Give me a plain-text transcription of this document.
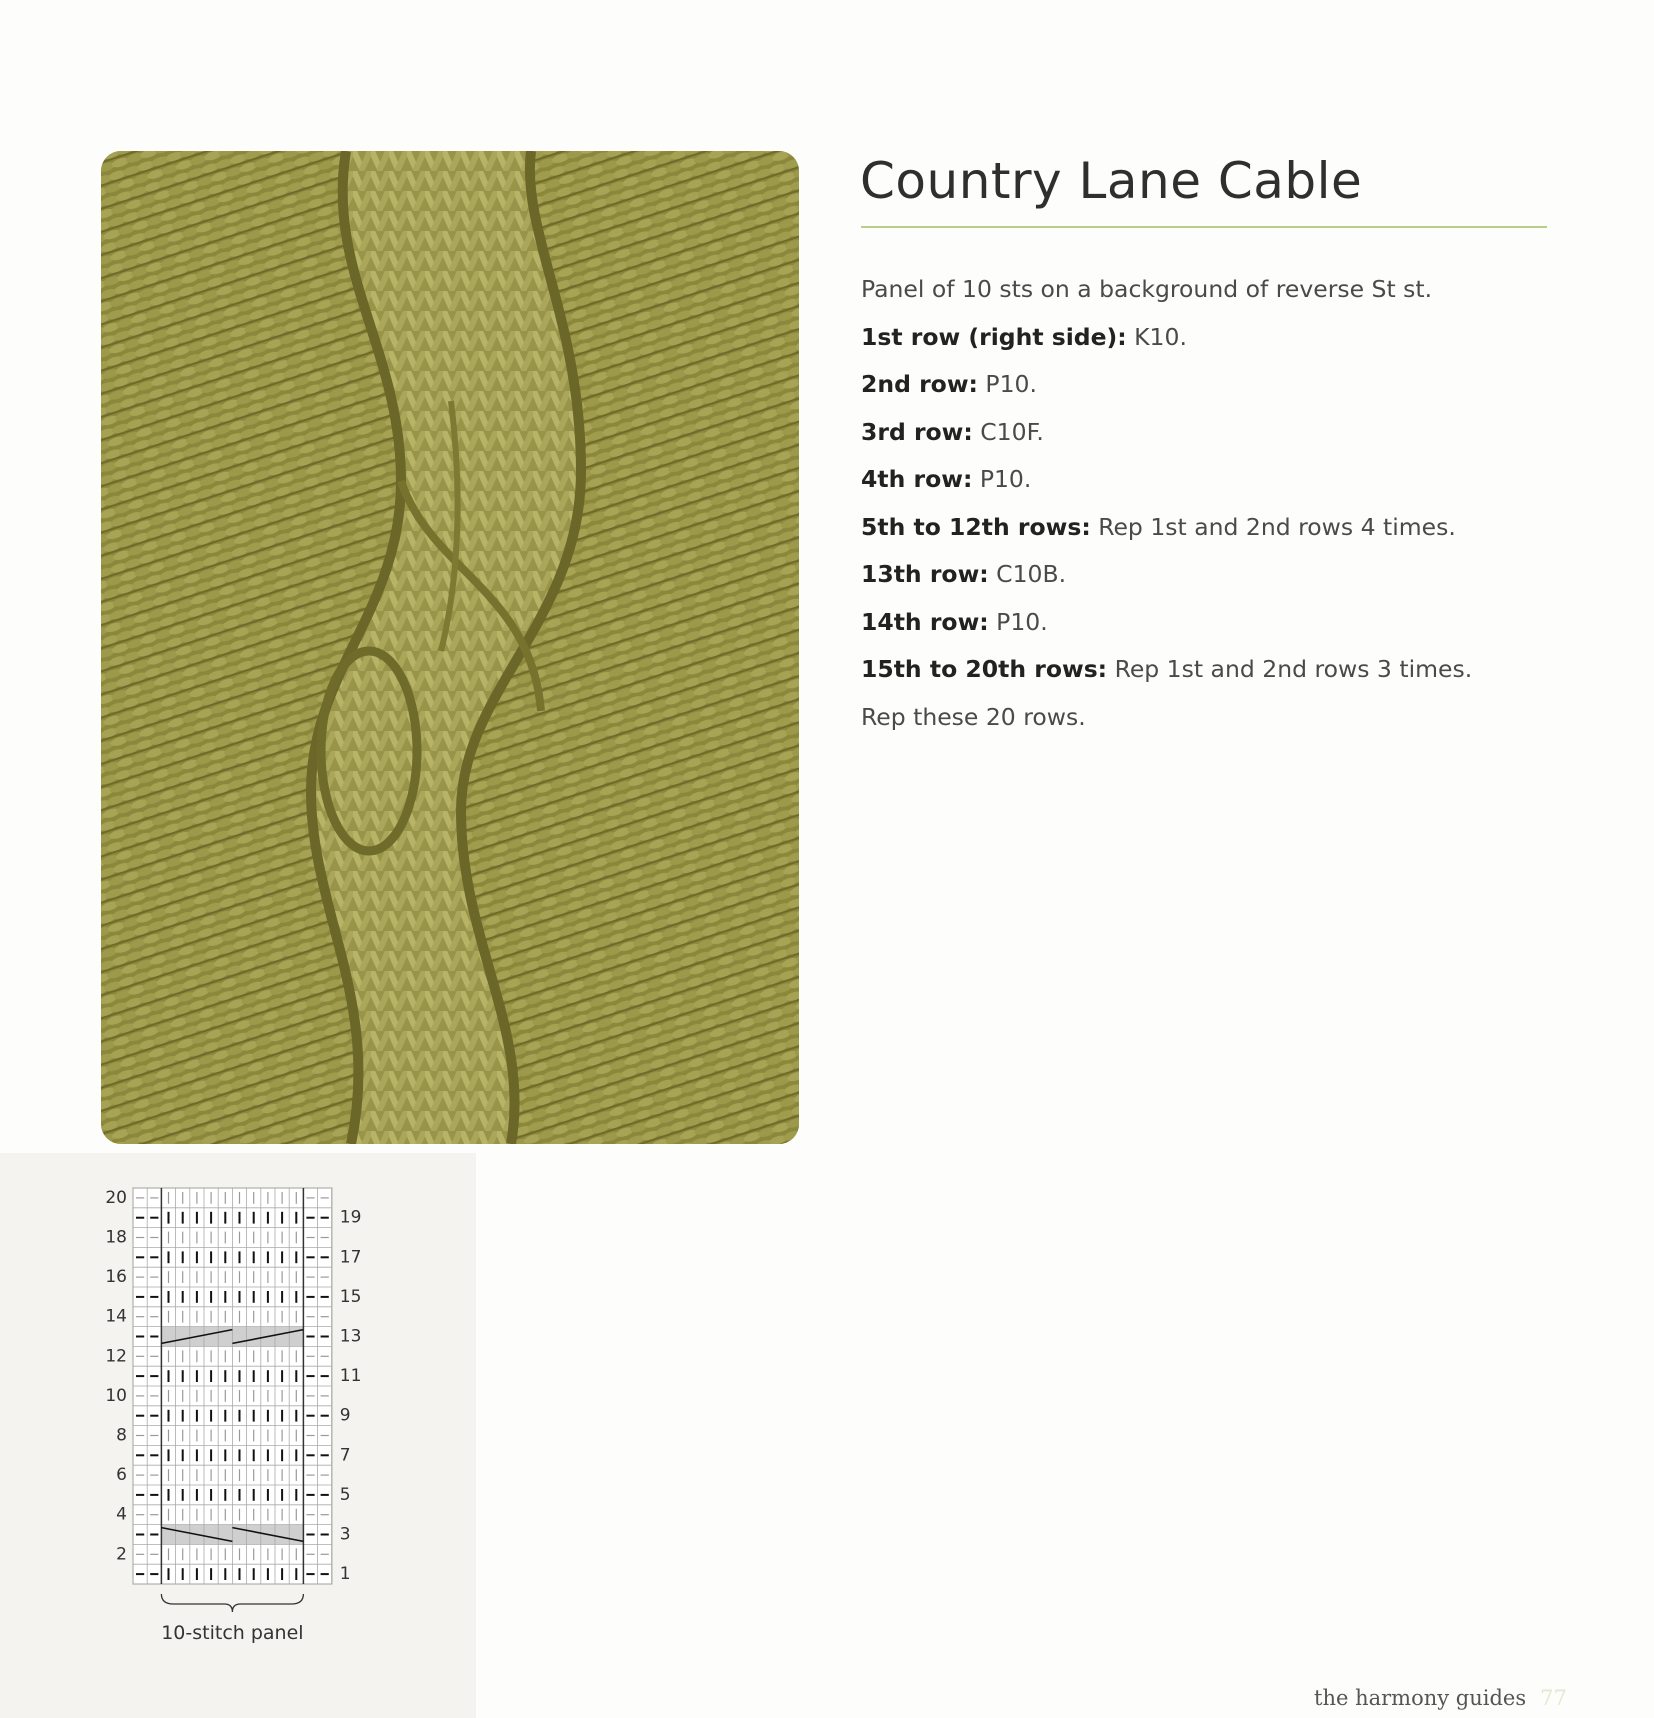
Country Lane Cable
Panel of 10 sts on a background of reverse St st.
1st row (right side): K10.
2nd row: P10.
3rd row: C10F.
4th row: P10.
5th to 12th rows: Rep 1st and 2nd rows 4 times.
13th row: C10B.
14th row: P10.
15th to 20th rows: Rep 1st and 2nd rows 3 times.
Rep these 20 rows.
20
18
16
14
12
10
8
6
4
2
19
17
15
13
11
9
7
5
3
1
10-stitch panel
the harmony guides 77
